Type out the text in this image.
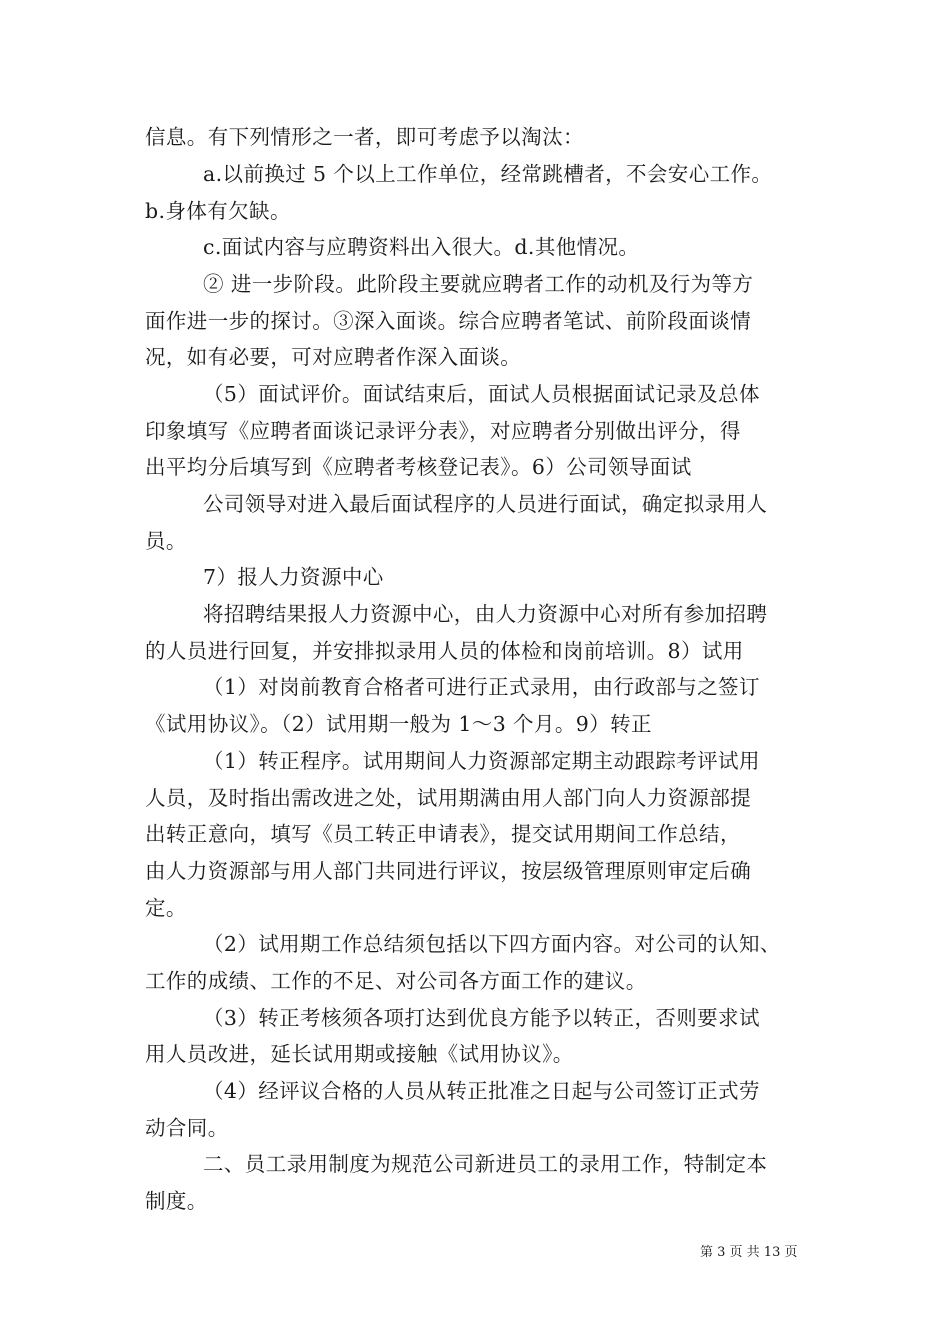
信息。有下列情形之一者，即可考虑予以淘汰：
a.以前换过 5 个以上工作单位，经常跳槽者，不会安心工作。
b.身体有欠缺。
c.面试内容与应聘资料出入很大。d.其他情况。
② 进一步阶段。此阶段主要就应聘者工作的动机及行为等方
面作进一步的探讨。③深入面谈。综合应聘者笔试、前阶段面谈情
况，如有必要，可对应聘者作深入面谈。
（5）面试评价。面试结束后，面试人员根据面试记录及总体
印象填写《应聘者面谈记录评分表》，对应聘者分别做出评分，得
出平均分后填写到《应聘者考核登记表》。6）公司领导面试
公司领导对进入最后面试程序的人员进行面试，确定拟录用人
员。
7）报人力资源中心
将招聘结果报人力资源中心，由人力资源中心对所有参加招聘
的人员进行回复，并安排拟录用人员的体检和岗前培训。8）试用
（1）对岗前教育合格者可进行正式录用，由行政部与之签订
《试用协议》。（2）试用期一般为 1～3 个月。9）转正
（1）转正程序。试用期间人力资源部定期主动跟踪考评试用
人员，及时指出需改进之处，试用期满由用人部门向人力资源部提
出转正意向，填写《员工转正申请表》，提交试用期间工作总结，
由人力资源部与用人部门共同进行评议，按层级管理原则审定后确
定。
（2）试用期工作总结须包括以下四方面内容。对公司的认知、
工作的成绩、工作的不足、对公司各方面工作的建议。
（3）转正考核须各项打达到优良方能予以转正，否则要求试
用人员改进，延长试用期或接触《试用协议》。
（4）经评议合格的人员从转正批准之日起与公司签订正式劳
动合同。
二、员工录用制度为规范公司新进员工的录用工作，特制定本
制度。
第 3 页 共 13 页
